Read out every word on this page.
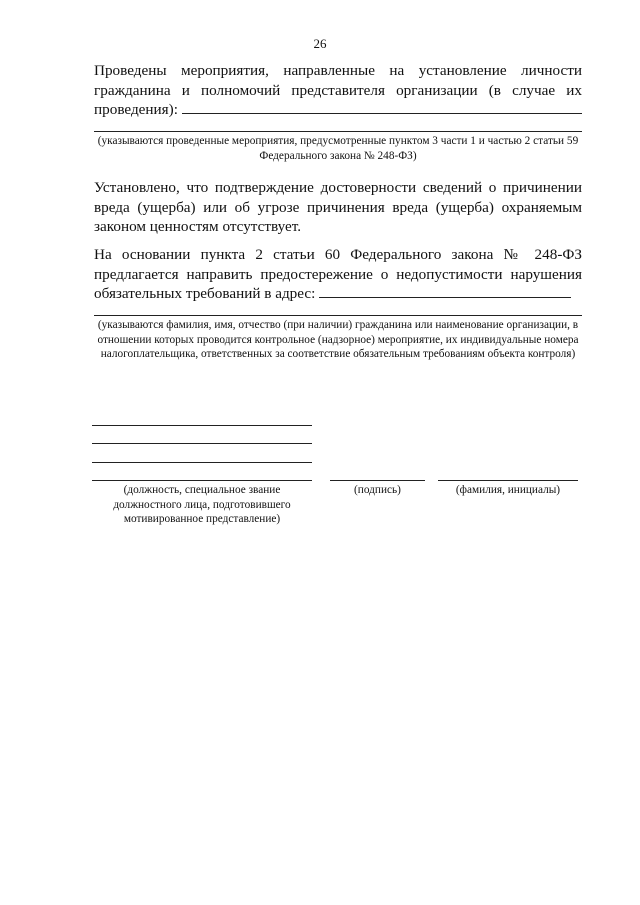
26
Проведены мероприятия, направленные на установление личности гражданина и полномочий представителя организации (в случае их проведения):
(указываются проведенные мероприятия, предусмотренные пунктом 3 части 1 и частью 2 статьи 59 Федерального закона № 248-ФЗ)
Установлено, что подтверждение достоверности сведений о причинении вреда (ущерба) или об угрозе причинения вреда (ущерба) охраняемым законом ценностям отсутствует.
На основании пункта 2 статьи 60 Федерального закона № 248-ФЗ предлагается направить предостережение о недопустимости нарушения обязательных требований в адрес:
(указываются фамилия, имя, отчество (при наличии) гражданина или наименование организации, в отношении которых проводится контрольное (надзорное) мероприятие, их индивидуальные номера налогоплательщика, ответственных за соответствие обязательным требованиям объекта контроля)
(должность, специальное звание должностного лица, подготовившего мотивированное представление)
(подпись)	(фамилия, инициалы)
